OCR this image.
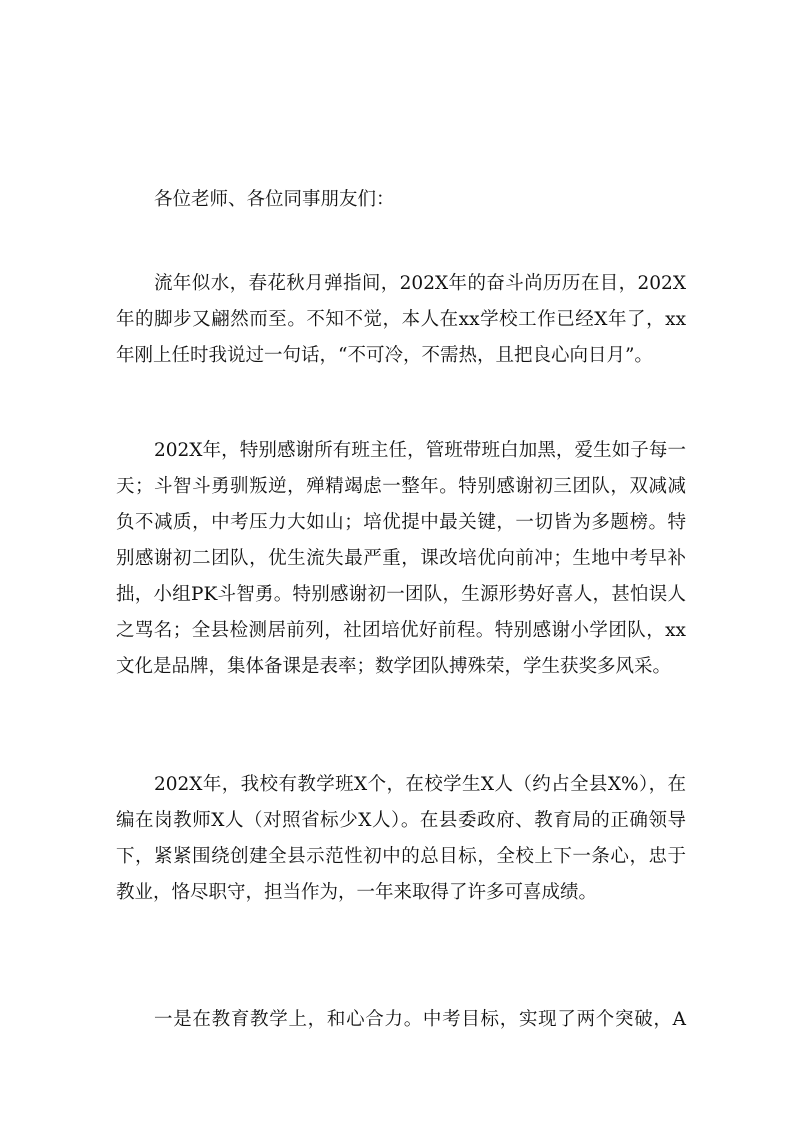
各位老师、各位同事朋友们：
流年似水，春花秋月弹指间，202X年的奋斗尚历历在目，202X
年的脚步又翩然而至。不知不觉，本人在xx学校工作已经X年了，xx
年刚上任时我说过一句话，“不可冷，不需热，且把良心向日月”。
202X年，特别感谢所有班主任，管班带班白加黑，爱生如子每一
天；斗智斗勇驯叛逆，殚精竭虑一整年。特别感谢初三团队，双减减
负不减质，中考压力大如山；培优提中最关键，一切皆为多题榜。特
别感谢初二团队，优生流失最严重，课改培优向前冲；生地中考早补
拙，小组PK斗智勇。特别感谢初一团队，生源形势好喜人，甚怕误人
之骂名；全县检测居前列，社团培优好前程。特别感谢小学团队，xx
文化是品牌，集体备课是表率；数学团队搏殊荣，学生获奖多风采。
202X年，我校有教学班X个，在校学生X人（约占全县X%），在
编在岗教师X人（对照省标少X人）。在县委政府、教育局的正确领导
下，紧紧围绕创建全县示范性初中的总目标，全校上下一条心，忠于
教业，恪尽职守，担当作为，一年来取得了许多可喜成绩。
一是在教育教学上，和心合力。中考目标，实现了两个突破，A
